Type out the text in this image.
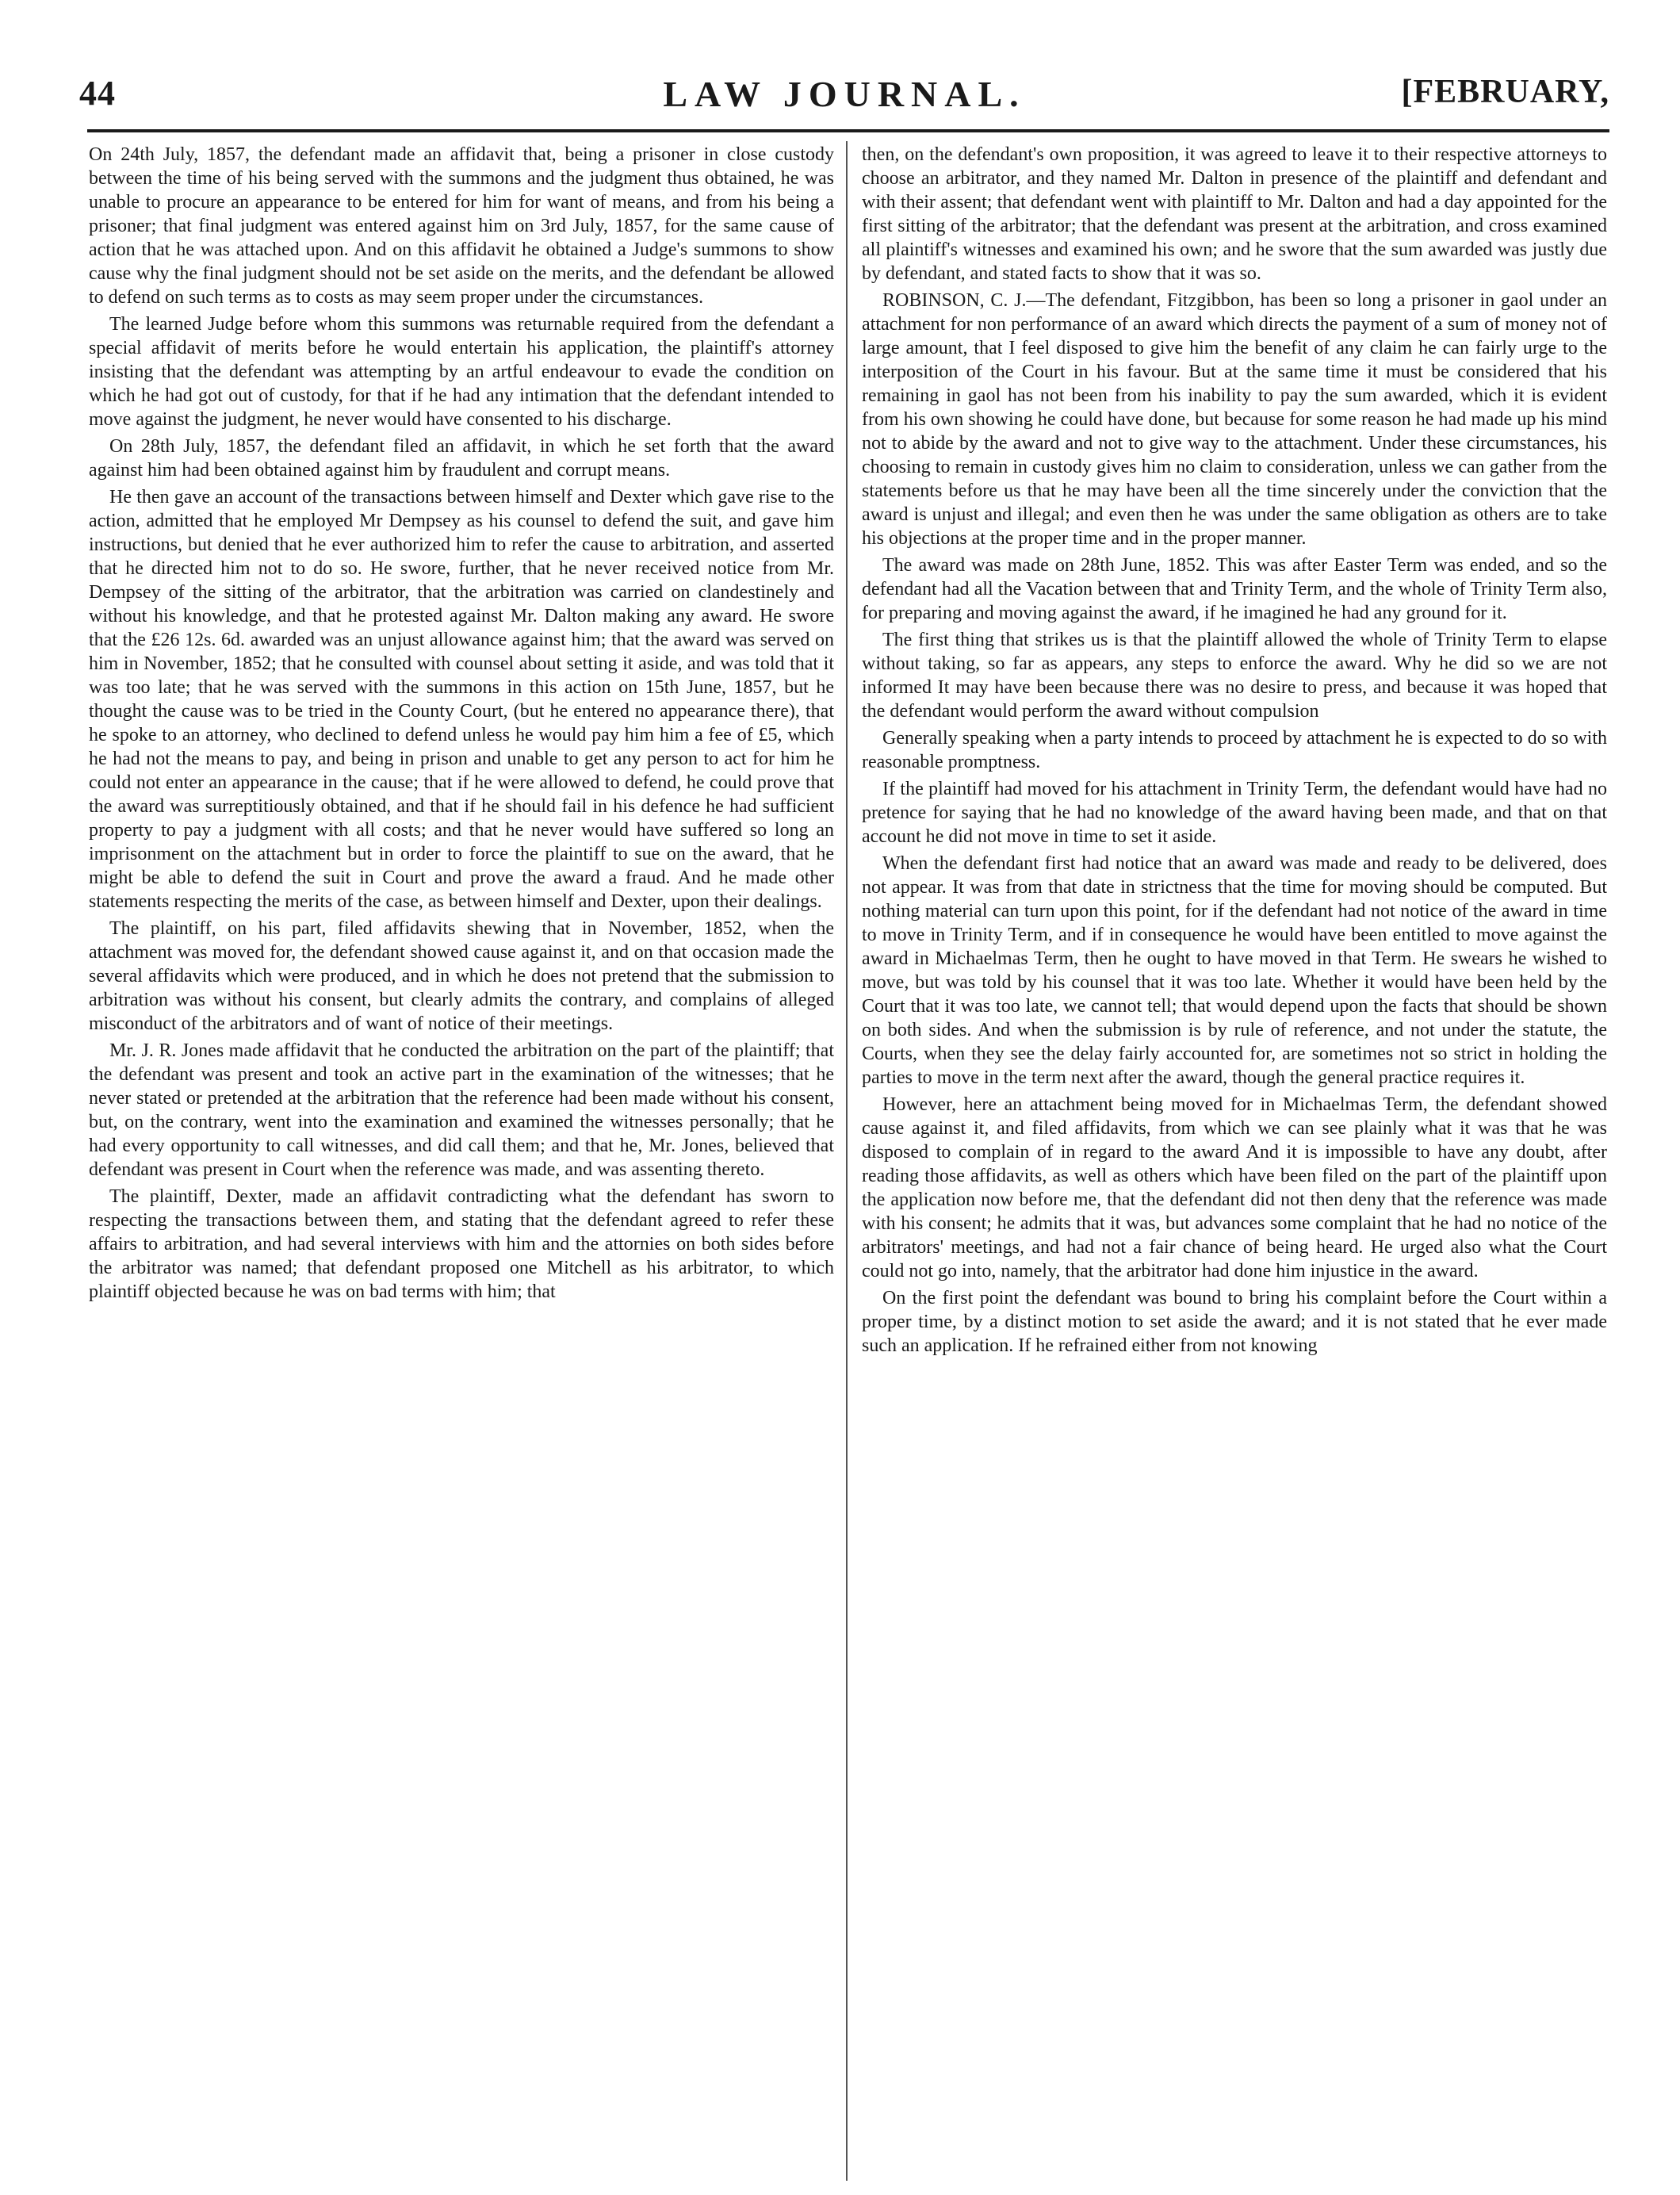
44	LAW JOURNAL.	[FEBRUARY,

On 24th July, 1857, the defendant made an affidavit that, being a prisoner in close custody between the time of his being served with the summons and the judgment thus obtained, he was unable to procure an appearance to be entered for him for want of means, and from his being a prisoner; that final judgment was entered against him on 3rd July, 1857, for the same cause of action that he was attached upon. And on this affidavit he obtained a Judge's summons to show cause why the final judgment should not be set aside on the merits, and the defendant be allowed to defend on such terms as to costs as may seem proper under the circumstances.

The learned Judge before whom this summons was returnable required from the defendant a special affidavit of merits before he would entertain his application, the plaintiff's attorney insisting that the defendant was attempting by an artful endeavour to evade the condition on which he had got out of custody, for that if he had any intimation that the defendant intended to move against the judgment, he never would have consented to his discharge.

On 28th July, 1857, the defendant filed an affidavit, in which he set forth that the award against him had been obtained against him by fraudulent and corrupt means.

He then gave an account of the transactions between himself and Dexter which gave rise to the action, admitted that he employed Mr Dempsey as his counsel to defend the suit, and gave him instructions, but denied that he ever authorized him to refer the cause to arbitration, and asserted that he directed him not to do so. He swore, further, that he never received notice from Mr. Dempsey of the sitting of the arbitrator, that the arbitration was carried on clandestinely and without his knowledge, and that he protested against Mr. Dalton making any award. He swore that the £26 12s. 6d. awarded was an unjust allowance against him; that the award was served on him in November, 1852; that he consulted with counsel about setting it aside, and was told that it was too late; that he was served with the summons in this action on 15th June, 1857, but he thought the cause was to be tried in the County Court, (but he entered no appearance there), that he spoke to an attorney, who declined to defend unless he would pay him him a fee of £5, which he had not the means to pay, and being in prison and unable to get any person to act for him he could not enter an appearance in the cause; that if he were allowed to defend, he could prove that the award was surreptitiously obtained, and that if he should fail in his defence he had sufficient property to pay a judgment with all costs; and that he never would have suffered so long an imprisonment on the attachment but in order to force the plaintiff to sue on the award, that he might be able to defend the suit in Court and prove the award a fraud. And he made other statements respecting the merits of the case, as between himself and Dexter, upon their dealings.

The plaintiff, on his part, filed affidavits shewing that in November, 1852, when the attachment was moved for, the defendant showed cause against it, and on that occasion made the several affidavits which were produced, and in which he does not pretend that the submission to arbitration was without his consent, but clearly admits the contrary, and complains of alleged misconduct of the arbitrators and of want of notice of their meetings.

Mr. J. R. Jones made affidavit that he conducted the arbitration on the part of the plaintiff; that the defendant was present and took an active part in the examination of the witnesses; that he never stated or pretended at the arbitration that the reference had been made without his consent, but, on the contrary, went into the examination and examined the witnesses personally; that he had every opportunity to call witnesses, and did call them; and that he, Mr. Jones, believed that defendant was present in Court when the reference was made, and was assenting thereto.

The plaintiff, Dexter, made an affidavit contradicting what the defendant has sworn to respecting the transactions between them, and stating that the defendant agreed to refer these affairs to arbitration, and had several interviews with him and the attornies on both sides before the arbitrator was named; that defendant proposed one Mitchell as his arbitrator, to which plaintiff objected because he was on bad terms with him; that

then, on the defendant's own proposition, it was agreed to leave it to their respective attorneys to choose an arbitrator, and they named Mr. Dalton in presence of the plaintiff and defendant and with their assent; that defendant went with plaintiff to Mr. Dalton and had a day appointed for the first sitting of the arbitrator; that the defendant was present at the arbitration, and cross examined all plaintiff's witnesses and examined his own; and he swore that the sum awarded was justly due by defendant, and stated facts to show that it was so.

ROBINSON, C. J.—The defendant, Fitzgibbon, has been so long a prisoner in gaol under an attachment for non performance of an award which directs the payment of a sum of money not of large amount, that I feel disposed to give him the benefit of any claim he can fairly urge to the interposition of the Court in his favour. But at the same time it must be considered that his remaining in gaol has not been from his inability to pay the sum awarded, which it is evident from his own showing he could have done, but because for some reason he had made up his mind not to abide by the award and not to give way to the attachment. Under these circumstances, his choosing to remain in custody gives him no claim to consideration, unless we can gather from the statements before us that he may have been all the time sincerely under the conviction that the award is unjust and illegal; and even then he was under the same obligation as others are to take his objections at the proper time and in the proper manner.

The award was made on 28th June, 1852. This was after Easter Term was ended, and so the defendant had all the Vacation between that and Trinity Term, and the whole of Trinity Term also, for preparing and moving against the award, if he imagined he had any ground for it.

The first thing that strikes us is that the plaintiff allowed the whole of Trinity Term to elapse without taking, so far as appears, any steps to enforce the award. Why he did so we are not informed It may have been because there was no desire to press, and because it was hoped that the defendant would perform the award without compulsion

Generally speaking when a party intends to proceed by attachment he is expected to do so with reasonable promptness.

If the plaintiff had moved for his attachment in Trinity Term, the defendant would have had no pretence for saying that he had no knowledge of the award having been made, and that on that account he did not move in time to set it aside.

When the defendant first had notice that an award was made and ready to be delivered, does not appear. It was from that date in strictness that the time for moving should be computed. But nothing material can turn upon this point, for if the defendant had not notice of the award in time to move in Trinity Term, and if in consequence he would have been entitled to move against the award in Michaelmas Term, then he ought to have moved in that Term. He swears he wished to move, but was told by his counsel that it was too late. Whether it would have been held by the Court that it was too late, we cannot tell; that would depend upon the facts that should be shown on both sides. And when the submission is by rule of reference, and not under the statute, the Courts, when they see the delay fairly accounted for, are sometimes not so strict in holding the parties to move in the term next after the award, though the general practice requires it.

However, here an attachment being moved for in Michaelmas Term, the defendant showed cause against it, and filed affidavits, from which we can see plainly what it was that he was disposed to complain of in regard to the award And it is impossible to have any doubt, after reading those affidavits, as well as others which have been filed on the part of the plaintiff upon the application now before me, that the defendant did not then deny that the reference was made with his consent; he admits that it was, but advances some complaint that he had no notice of the arbitrators' meetings, and had not a fair chance of being heard. He urged also what the Court could not go into, namely, that the arbitrator had done him injustice in the award.

On the first point the defendant was bound to bring his complaint before the Court within a proper time, by a distinct motion to set aside the award; and it is not stated that he ever made such an application. If he refrained either from not knowing
